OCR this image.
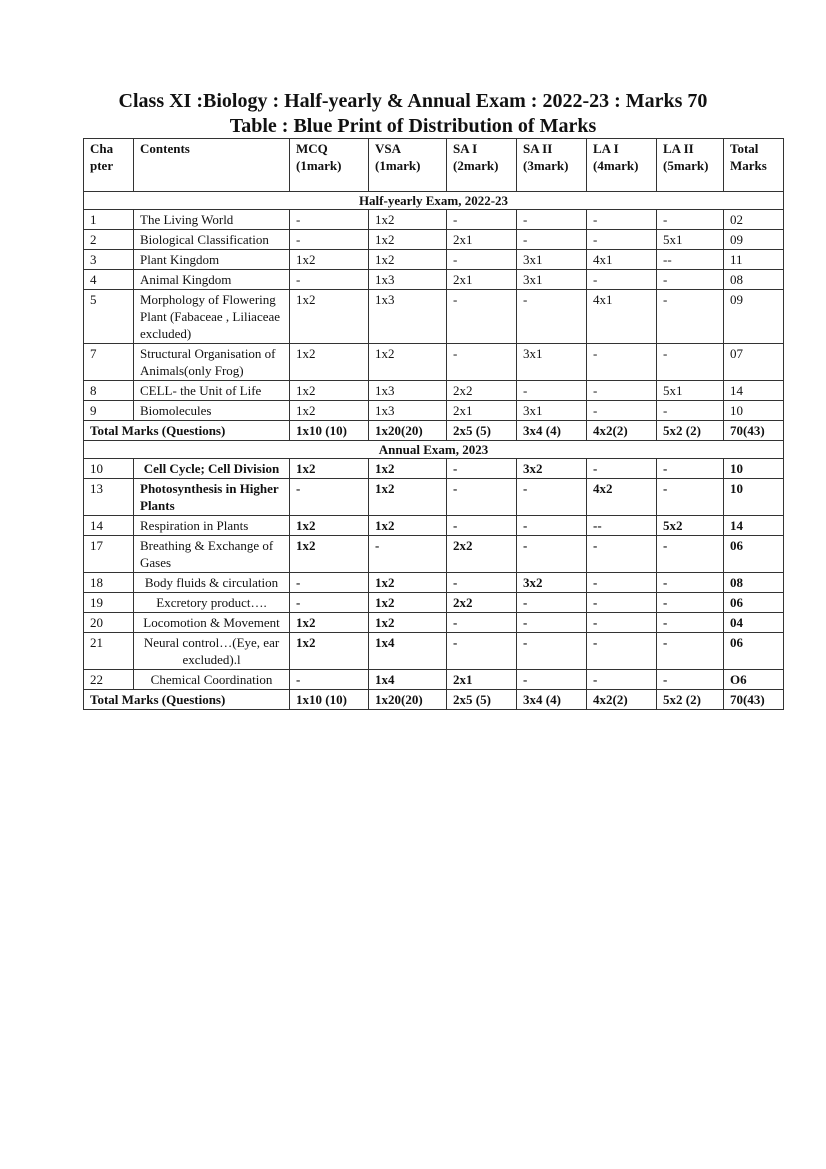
Class XI :Biology : Half-yearly & Annual Exam : 2022-23 : Marks 70
Table : Blue Print of Distribution of Marks
Cha pter	Contents	MCQ (1mark)	VSA (1mark)	SA I (2mark)	SA II (3mark)	LA I (4mark)	LA II (5mark)	Total Marks
Half-yearly Exam, 2022-23								
1	The Living World	-	1x2	-	-	-	-	02
2	Biological Classification	-	1x2	2x1	-	-	5x1	09
3	Plant Kingdom	1x2	1x2	-	3x1	4x1	--	11
4	Animal Kingdom	-	1x3	2x1	3x1	-	-	08
5	Morphology of Flowering Plant (Fabaceae , Liliaceae excluded)	1x2	1x3	-	-	4x1	-	09
7	Structural Organisation of Animals(only Frog)	1x2	1x2	-	3x1	-	-	07
8	CELL- the Unit of Life	1x2	1x3	2x2	-	-	5x1	14
9	Biomolecules	1x2	1x3	2x1	3x1	-	-	10
Total Marks (Questions)		1x10 (10)	1x20(20)	2x5 (5)	3x4 (4)	4x2(2)	5x2 (2)	70(43)
Annual Exam, 2023								
10	Cell Cycle; Cell Division	1x2	1x2	-	3x2	-	-	10
13	Photosynthesis in Higher Plants	-	1x2	-	-	4x2	-	10
14	Respiration in Plants	1x2	1x2	-	-	--	5x2	14
17	Breathing & Exchange of Gases	1x2	-	2x2	-	-	-	06
18	Body fluids & circulation	-	1x2	-	3x2	-	-	08
19	Excretory product….	-	1x2	2x2	-	-	-	06
20	Locomotion & Movement	1x2	1x2	-	-	-	-	04
21	Neural control…(Eye, ear excluded).l	1x2	1x4	-	-	-	-	06
22	Chemical Coordination	-	1x4	2x1	-	-	-	O6
Total Marks (Questions)		1x10 (10)	1x20(20)	2x5 (5)	3x4 (4)	4x2(2)	5x2 (2)	70(43)
